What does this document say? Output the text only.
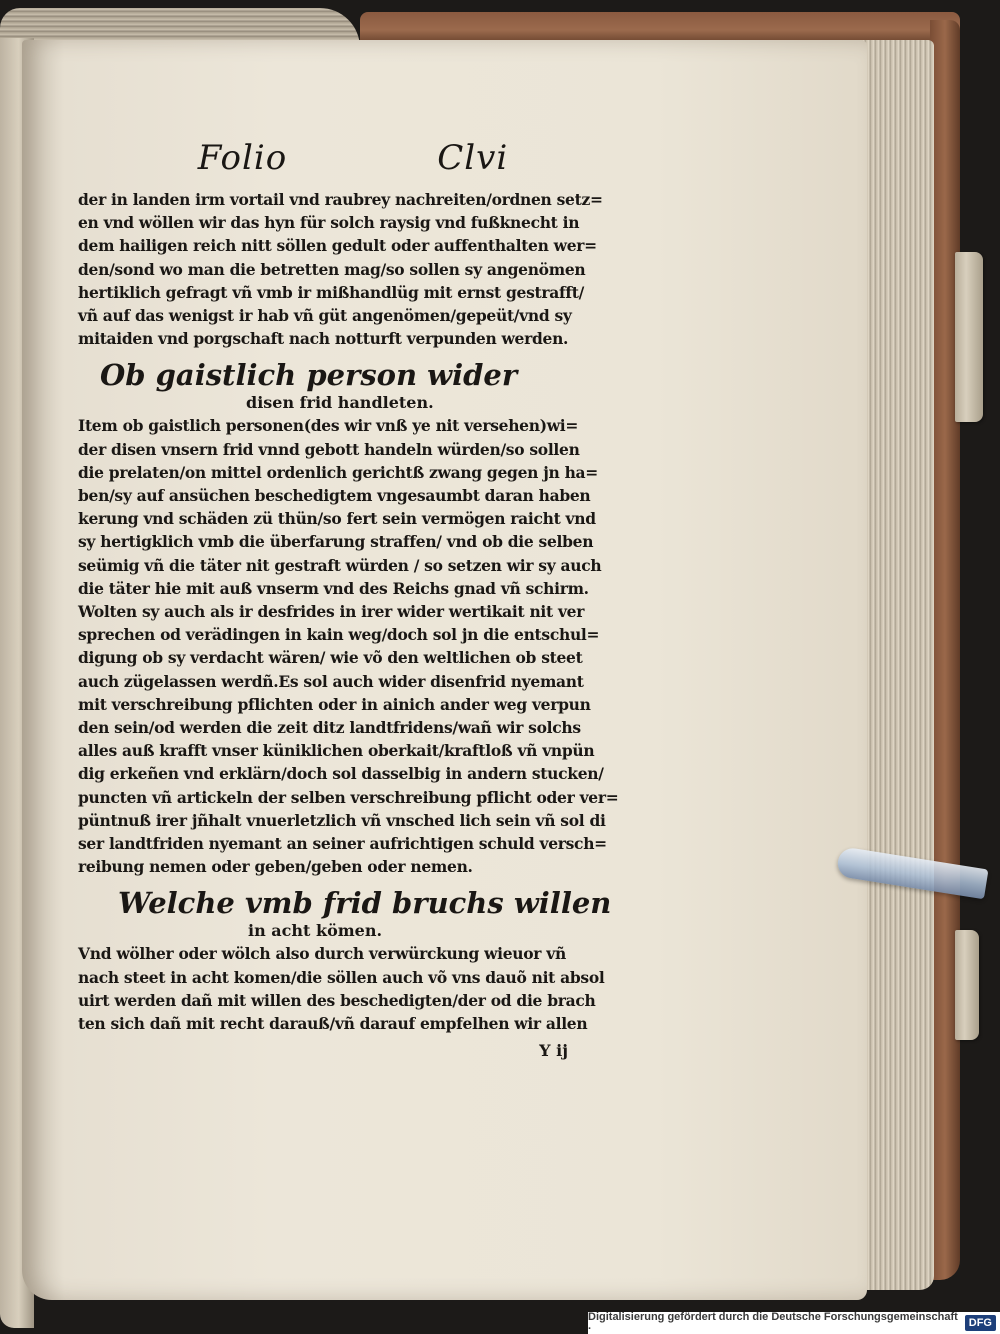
Folio	Clvi
der in landen irm vortail vnd raubrey nachreiten/ordnen setz=
en vnd wöllen wir das hyn für solch raysig vnd fußknecht in
dem hailigen reich nitt söllen gedult oder auffenthalten wer=
den/sond wo man die betretten mag/so sollen sy angenömen
hertiklich gefragt vñ vmb ir mißhandlüg mit ernst gestrafft/
vñ auf das wenigst ir hab vñ güt angenömen/gepeüt/vnd sy
mitaiden vnd porgschaft nach notturft verpunden werden.
Ob gaistlich person wider
disen frid handleten.
Item ob gaistlich personen(des wir vnß ye nit versehen)wi=
der disen vnsern frid vnnd gebott handeln würden/so sollen
die prelaten/on mittel ordenlich gerichtß zwang gegen jn ha=
ben/sy auf ansüchen beschedigtem vngesaumbt daran haben
kerung vnd schäden zü thün/so fert sein vermögen raicht vnd
sy hertigklich vmb die überfarung straffen/ vnd ob die selben
seümig vñ die täter nit gestraft würden / so setzen wir sy auch
die täter hie mit auß vnserm vnd des Reichs gnad vñ schirm.
Wolten sy auch als ir desfrides in irer wider wertikait nit ver
sprechen od verädingen in kain weg/doch sol jn die entschul=
digung ob sy verdacht wären/ wie võ den weltlichen ob steet
auch zügelassen werdñ.Es sol auch wider disenfrid nyemant
mit verschreibung pflichten oder in ainich ander weg verpun
den sein/od werden die zeit ditz landtfridens/wañ wir solchs
alles auß krafft vnser küniklichen oberkait/kraftloß vñ vnpün
dig erkeñen vnd erklärn/doch sol dasselbig in andern stucken/
puncten vñ artickeln der selben verschreibung pflicht oder ver=
püntnuß irer jñhalt vnuerletzlich vñ vnsched lich sein vñ sol di
ser landtfriden nyemant an seiner aufrichtigen schuld versch=
reibung nemen oder geben/geben oder nemen.
Welche vmb frid bruchs willen
in acht kömen.
Vnd wölher oder wölch also durch verwürckung wieuor vñ
nach steet in acht komen/die söllen auch võ vns dauõ nit absol
uirt werden dañ mit willen des beschedigten/der od die brach
ten sich dañ mit recht darauß/vñ darauf empfelhen wir allen
Y ij
Digitalisierung gefördert durch die Deutsche Forschungsgemeinschaft ·	DFG
